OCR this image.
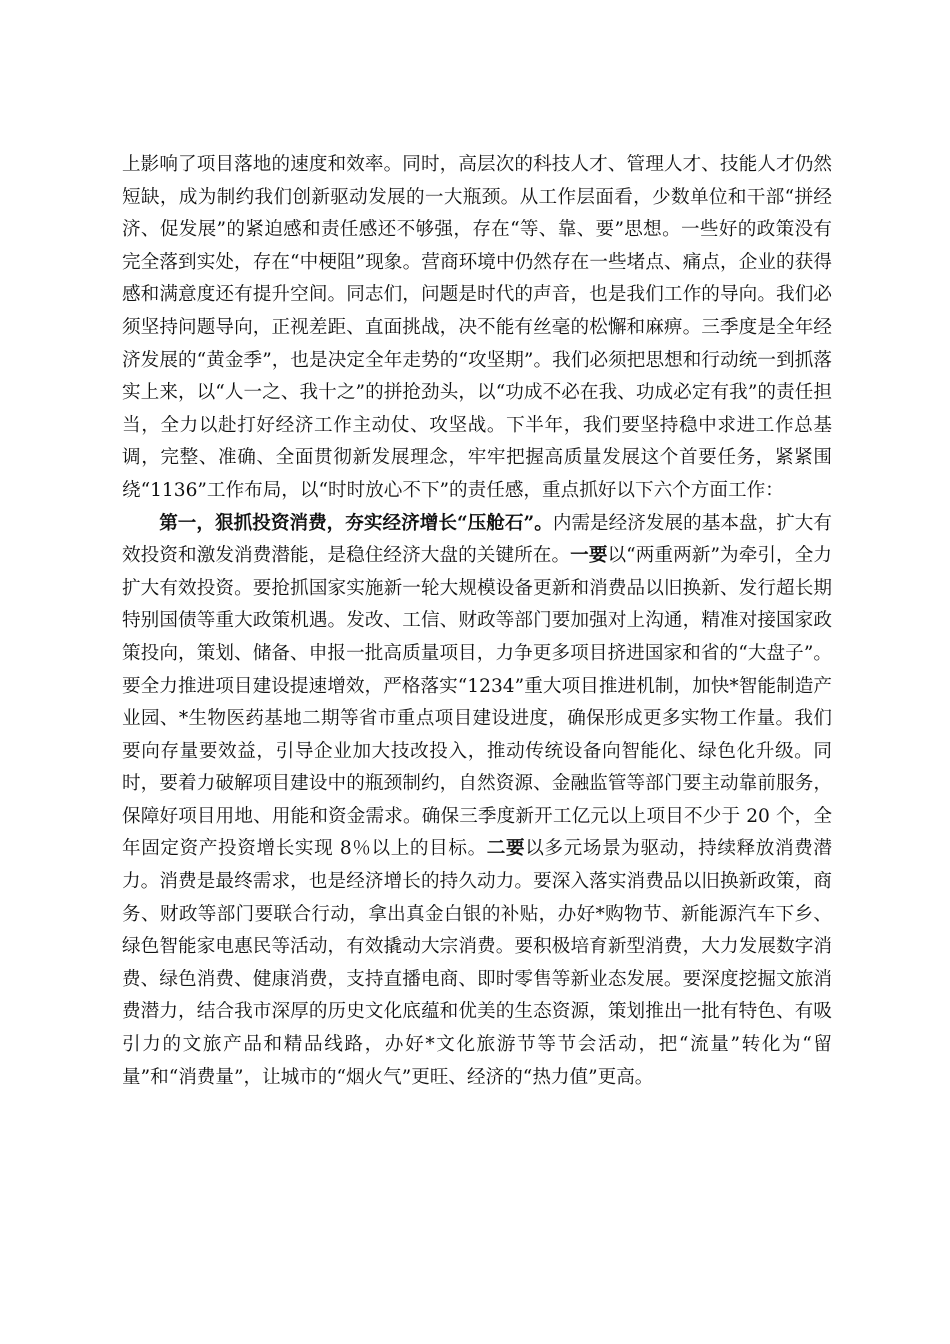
上影响了项目落地的速度和效率。同时，高层次的科技人才、管理人才、技能人才仍然短缺，成为制约我们创新驱动发展的一大瓶颈。从工作层面看，少数单位和干部“拼经济、促发展”的紧迫感和责任感还不够强，存在“等、靠、要”思想。一些好的政策没有完全落到实处，存在“中梗阻”现象。营商环境中仍然存在一些堵点、痛点，企业的获得感和满意度还有提升空间。同志们，问题是时代的声音，也是我们工作的导向。我们必须坚持问题导向，正视差距、直面挑战，决不能有丝毫的松懈和麻痹。三季度是全年经济发展的“黄金季”，也是决定全年走势的“攻坚期”。我们必须把思想和行动统一到抓落实上来，以“人一之、我十之”的拼抢劲头，以“功成不必在我、功成必定有我”的责任担当，全力以赴打好经济工作主动仗、攻坚战。下半年，我们要坚持稳中求进工作总基调，完整、准确、全面贯彻新发展理念，牢牢把握高质量发展这个首要任务，紧紧围绕“1136”工作布局，以“时时放心不下”的责任感，重点抓好以下六个方面工作：

第一，狠抓投资消费，夯实经济增长“压舱石”。内需是经济发展的基本盘，扩大有效投资和激发消费潜能，是稳住经济大盘的关键所在。一要以“两重两新”为牵引，全力扩大有效投资。要抢抓国家实施新一轮大规模设备更新和消费品以旧换新、发行超长期特别国债等重大政策机遇。发改、工信、财政等部门要加强对上沟通，精准对接国家政策投向，策划、储备、申报一批高质量项目，力争更多项目挤进国家和省的“大盘子”。要全力推进项目建设提速增效，严格落实“1234”重大项目推进机制，加快*智能制造产业园、*生物医药基地二期等省市重点项目建设进度，确保形成更多实物工作量。我们要向存量要效益，引导企业加大技改投入，推动传统设备向智能化、绿色化升级。同时，要着力破解项目建设中的瓶颈制约，自然资源、金融监管等部门要主动靠前服务，保障好项目用地、用能和资金需求。确保三季度新开工亿元以上项目不少于 20 个，全年固定资产投资增长实现 8％以上的目标。二要以多元场景为驱动，持续释放消费潜力。消费是最终需求，也是经济增长的持久动力。要深入落实消费品以旧换新政策，商务、财政等部门要联合行动，拿出真金白银的补贴，办好*购物节、新能源汽车下乡、绿色智能家电惠民等活动，有效撬动大宗消费。要积极培育新型消费，大力发展数字消费、绿色消费、健康消费，支持直播电商、即时零售等新业态发展。要深度挖掘文旅消费潜力，结合我市深厚的历史文化底蕴和优美的生态资源，策划推出一批有特色、有吸引力的文旅产品和精品线路，办好*文化旅游节等节会活动，把“流量”转化为“留量”和“消费量”，让城市的“烟火气”更旺、经济的“热力值”更高。
